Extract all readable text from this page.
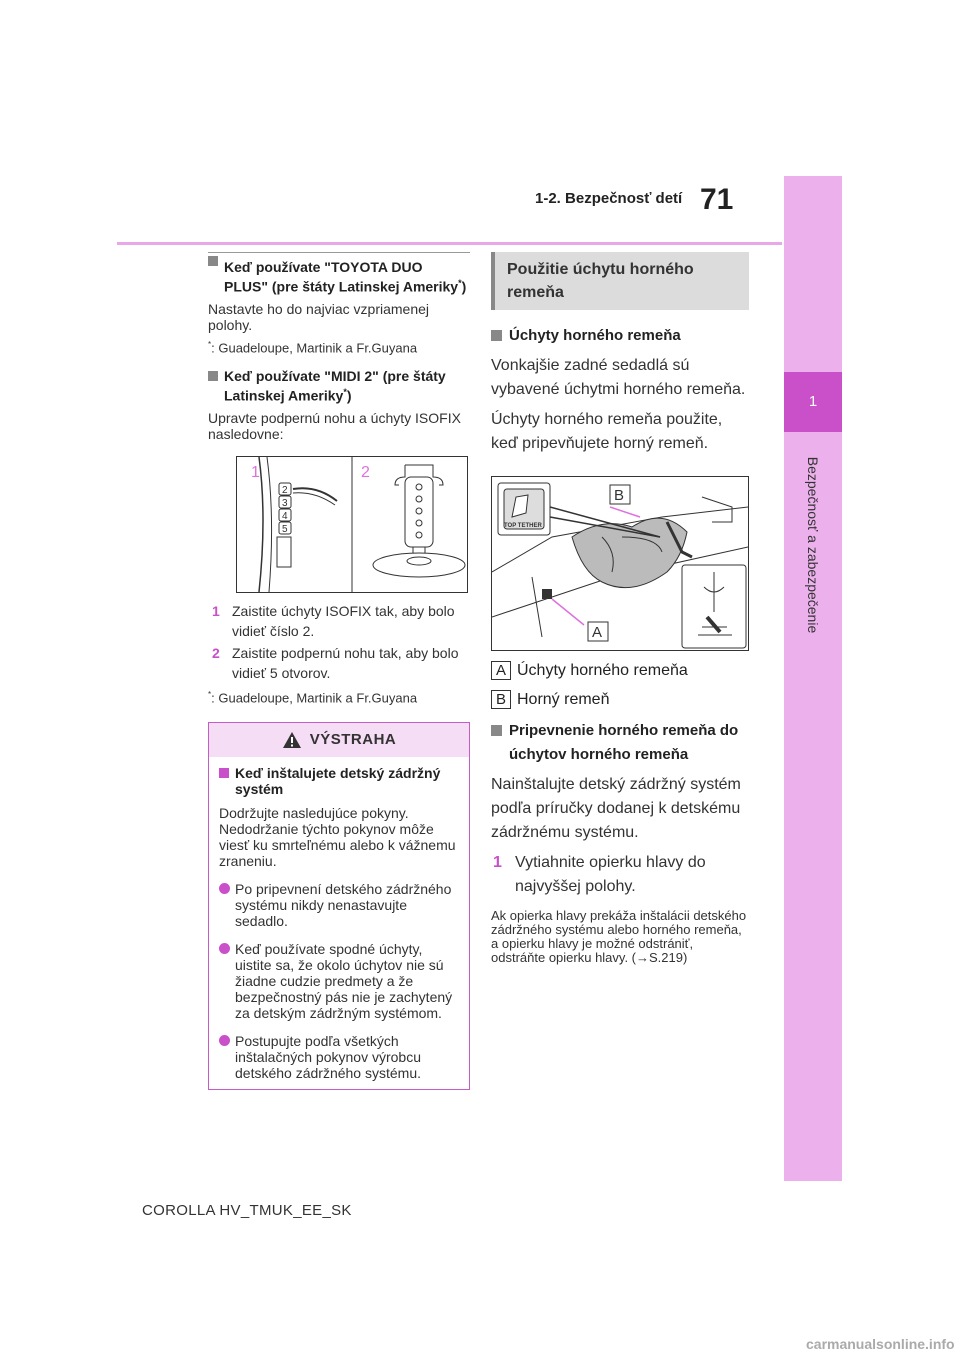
1-2. Bezpečnosť detí 71
1
Bezpečnosť a zabezpečenie
Keď používate "TOYOTA DUO PLUS" (pre štáty Latinskej Ameriky*)
Nastavte ho do najviac vzpriamenej polohy.
*: Guadeloupe, Martinik a Fr.Guyana
Keď používate "MIDI 2" (pre štáty Latinskej Ameriky*)
Upravte podpernú nohu a úchyty ISOFIX nasledovne:
1	2
2
3
4
5
1 Zaistite úchyty ISOFIX tak, aby bolo vidieť číslo 2.
2 Zaistite podpernú nohu tak, aby bolo vidieť 5 otvorov.
*: Guadeloupe, Martinik a Fr.Guyana
VÝSTRAHA
Keď inštalujete detský zádržný systém
Dodržujte nasledujúce pokyny. Nedodržanie týchto pokynov môže viesť ku smrteľnému alebo k vážnemu zraneniu.
Po pripevnení detského zádržného systému nikdy nenastavujte sedadlo.
Keď používate spodné úchyty, uistite sa, že okolo úchytov nie sú žiadne cudzie predmety a že bezpečnostný pás nie je zachytený za detským zádržným systémom.
Postupujte podľa všetkých inštalačných pokynov výrobcu detského zádržného systému.
Použitie úchytu horného remeňa
Úchyty horného remeňa
Vonkajšie zadné sedadlá sú vybavené úchytmi horného remeňa.
Úchyty horného remeňa použite, keď pripevňujete horný remeň.
TOP TETHER
A
B
A Úchyty horného remeňa
B Horný remeň
Pripevnenie horného remeňa do úchytov horného remeňa
Nainštalujte detský zádržný systém podľa príručky dodanej k detskému zádržnému systému.
1 Vytiahnite opierku hlavy do najvyššej polohy.
Ak opierka hlavy prekáža inštalácii detského zádržného systému alebo horného remeňa, a opierku hlavy je možné odstrániť, odstráňte opierku hlavy. (→S.219)
COROLLA HV_TMUK_EE_SK
carmanualsonline.info
